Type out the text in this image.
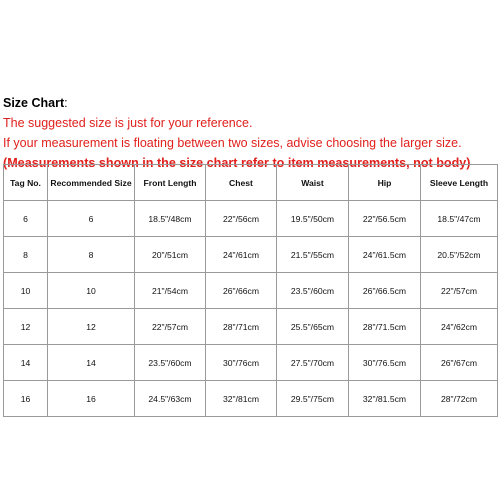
Size Chart:
The suggested size is just for your reference.
If your measurement is floating between two sizes, advise choosing the larger size.
(Measurements shown in the size chart refer to item measurements, not body)
Tag No.	Recommended Size	Front Length	Chest	Waist	Hip	Sleeve Length
6	6	18.5"/48cm	22"/56cm	19.5"/50cm	22"/56.5cm	18.5"/47cm
8	8	20"/51cm	24"/61cm	21.5"/55cm	24"/61.5cm	20.5"/52cm
10	10	21"/54cm	26"/66cm	23.5"/60cm	26"/66.5cm	22"/57cm
12	12	22"/57cm	28"/71cm	25.5"/65cm	28"/71.5cm	24"/62cm
14	14	23.5"/60cm	30"/76cm	27.5"/70cm	30"/76.5cm	26"/67cm
16	16	24.5"/63cm	32"/81cm	29.5"/75cm	32"/81.5cm	28"/72cm
